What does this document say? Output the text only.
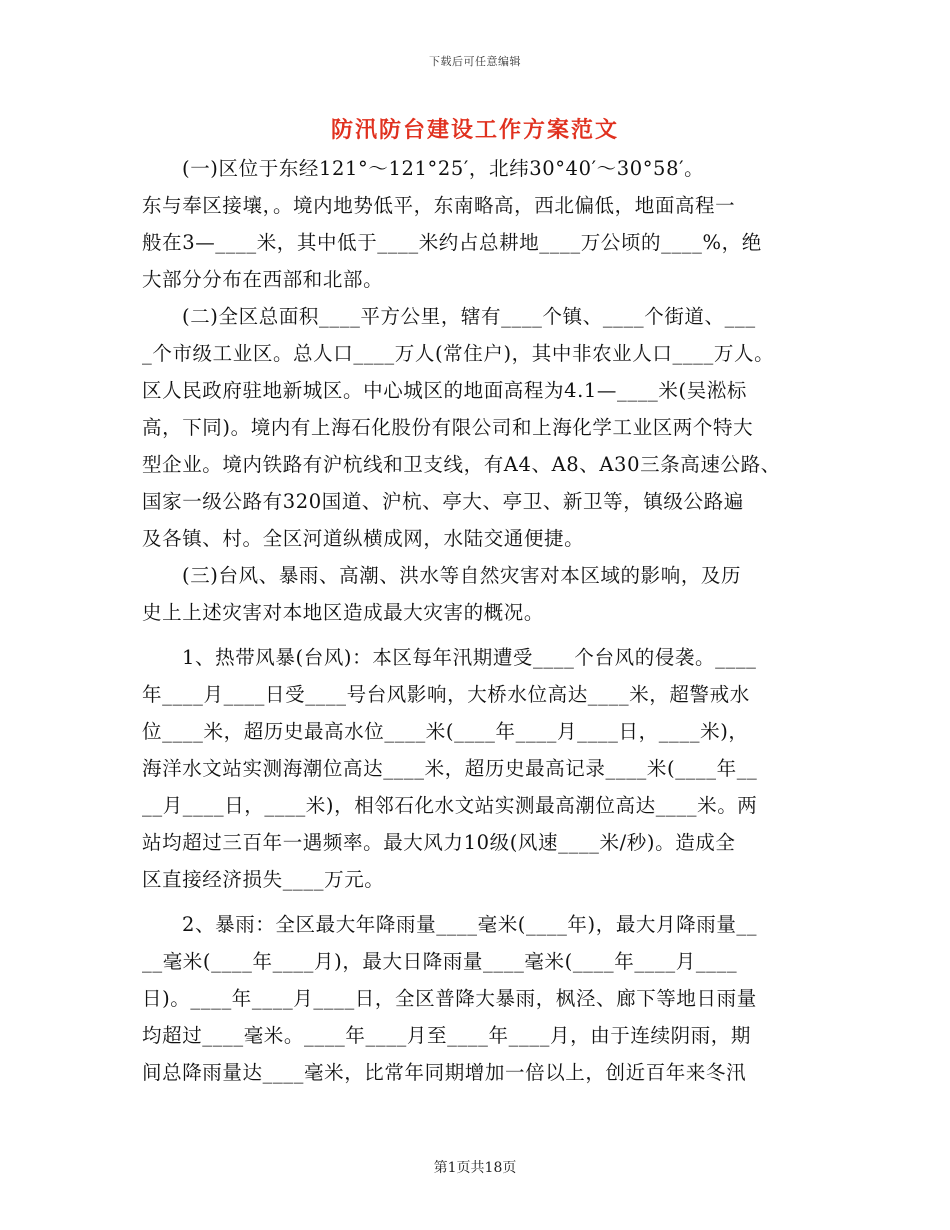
下载后可任意编辑
防汛防台建设工作方案范文
(一)区位于东经121°～121°25′，北纬30°40′～30°58′。
东与奉区接壤，。境内地势低平，东南略高，西北偏低，地面高程一
般在3—____米，其中低于____米约占总耕地____万公顷的____%，绝
大部分分布在西部和北部。
(二)全区总面积____平方公里，辖有____个镇、____个街道、___
_个市级工业区。总人口____万人(常住户)，其中非农业人口____万人。
区人民政府驻地新城区。中心城区的地面高程为4.1—____米(吴淞标
高，下同)。境内有上海石化股份有限公司和上海化学工业区两个特大
型企业。境内铁路有沪杭线和卫支线，有A4、A8、A30三条高速公路、
国家一级公路有320国道、沪杭、亭大、亭卫、新卫等，镇级公路遍
及各镇、村。全区河道纵横成网，水陆交通便捷。
(三)台风、暴雨、高潮、洪水等自然灾害对本区域的影响，及历
史上上述灾害对本地区造成最大灾害的概况。
1、热带风暴(台风)：本区每年汛期遭受____个台风的侵袭。____
年____月____日受____号台风影响，大桥水位高达____米，超警戒水
位____米，超历史最高水位____米(____年____月____日，____米)，
海洋水文站实测海潮位高达____米，超历史最高记录____米(____年__
__月____日，____米)，相邻石化水文站实测最高潮位高达____米。两
站均超过三百年一遇频率。最大风力10级(风速____米/秒)。造成全
区直接经济损失____万元。
2、暴雨：全区最大年降雨量____毫米(____年)，最大月降雨量__
__毫米(____年____月)，最大日降雨量____毫米(____年____月____
日)。____年____月____日，全区普降大暴雨，枫泾、廊下等地日雨量
均超过____毫米。____年____月至____年____月，由于连续阴雨，期
间总降雨量达____毫米，比常年同期增加一倍以上，创近百年来冬汛
第1页共18页
